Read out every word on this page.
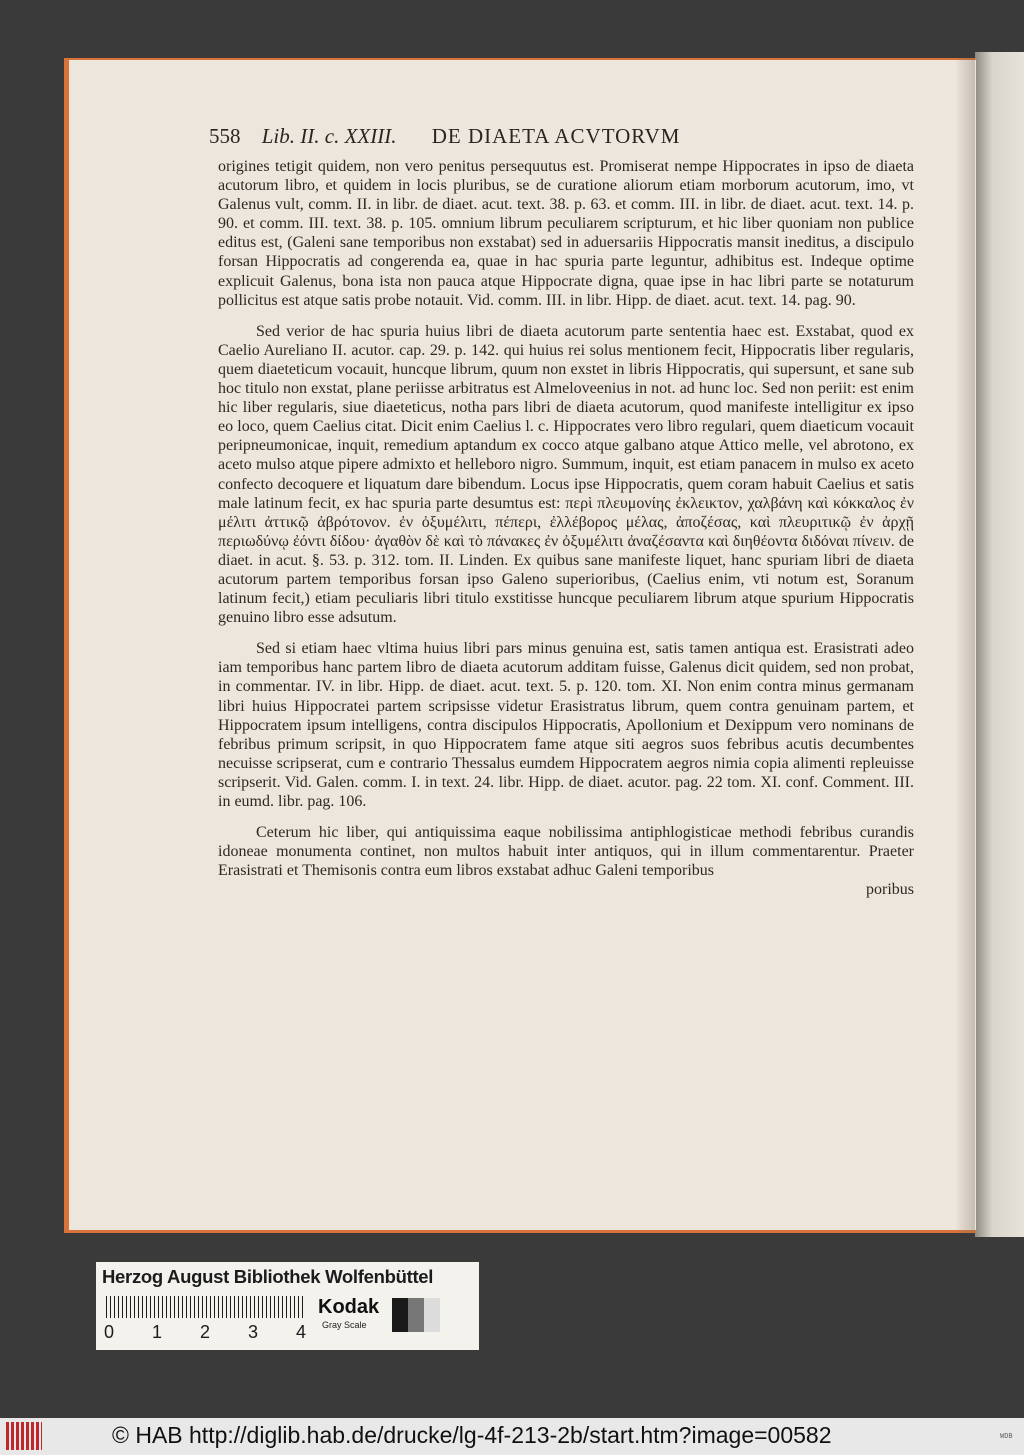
558 Lib. II. c. XXIII. DE DIAETA ACVTORVM

origines tetigit quidem, non vero penitus persequutus est. Promiserat nempe Hippocrates in ipso de diaeta acutorum libro, et quidem in locis pluribus, se de curatione aliorum etiam morborum acutorum, imo, vt Galenus vult, comm. II. in libr. de diaet. acut. text. 38. p. 63. et comm. III. in libr. de diaet. acut. text. 14. p. 90. et comm. III. text. 38. p. 105. omnium librum peculiarem scripturum, et hic liber quoniam non publice editus est, (Galeni sane temporibus non exstabat) sed in aduersariis Hippocratis mansit ineditus, a discipulo forsan Hippocratis ad congerenda ea, quae in hac spuria parte leguntur, adhibitus est. Indeque optime explicuit Galenus, bona ista non pauca atque Hippocrate digna, quae ipse in hac libri parte se notaturum pollicitus est atque satis probe notauit. Vid. comm. III. in libr. Hipp. de diaet. acut. text. 14. pag. 90.

Sed verior de hac spuria huius libri de diaeta acutorum parte sententia haec est. Exstabat, quod ex Caelio Aureliano II. acutor. cap. 29. p. 142. qui huius rei solus mentionem fecit, Hippocratis liber regularis, quem diaeteticum vocauit, huncque librum, quum non exstet in libris Hippocratis, qui supersunt, et sane sub hoc titulo non exstat, plane periisse arbitratus est Almeloveenius in not. ad hunc loc. Sed non periit: est enim hic liber regularis, siue diaeteticus, notha pars libri de diaeta acutorum, quod manifeste intelligitur ex ipso eo loco, quem Caelius citat. Dicit enim Caelius l. c. Hippocrates vero libro regulari, quem diaeticum vocauit peripneumonicae, inquit, remedium aptandum ex cocco atque galbano atque Attico melle, vel abrotono, ex aceto mulso atque pipere admixto et helleboro nigro. Summum, inquit, est etiam panacem in mulso ex aceto confecto decoquere et liquatum dare bibendum. Locus ipse Hippocratis, quem coram habuit Caelius et satis male latinum fecit, ex hac spuria parte desumtus est: περὶ πλευμονίης ἐκλεικτον, χαλβάνη καὶ κόκκαλος ἐν μέλιτι ἀττικῷ ἀβρότονον. ἐν ὀξυμέλιτι, πέπερι, ἐλλέβορος μέλας, ἀποζέσας, καὶ πλευριτικῷ ἐν ἀρχῇ περιωδύνῳ ἐόντι δίδου· ἀγαθὸν δὲ καὶ τὸ πάνακες ἐν ὀξυμέλιτι ἀναζέσαντα καὶ διηθέοντα διδόναι πίνειν. de diaet. in acut. §. 53. p. 312. tom. II. Linden. Ex quibus sane manifeste liquet, hanc spuriam libri de diaeta acutorum partem temporibus forsan ipso Galeno superioribus, (Caelius enim, vti notum est, Soranum latinum fecit,) etiam peculiaris libri titulo exstitisse huncque peculiarem librum atque spurium Hippocratis genuino libro esse adsutum.

Sed si etiam haec vltima huius libri pars minus genuina est, satis tamen antiqua est. Erasistrati adeo iam temporibus hanc partem libro de diaeta acutorum additam fuisse, Galenus dicit quidem, sed non probat, in commentar. IV. in libr. Hipp. de diaet. acut. text. 5. p. 120. tom. XI. Non enim contra minus germanam libri huius Hippocratei partem scripsisse videtur Erasistratus librum, quem contra genuinam partem, et Hippocratem ipsum intelligens, contra discipulos Hippocratis, Apollonium et Dexippum vero nominans de febribus primum scripsit, in quo Hippocratem fame atque siti aegros suos febribus acutis decumbentes necuisse scripserat, cum e contrario Thessalus eumdem Hippocratem aegros nimia copia alimenti repleuisse scripserit. Vid. Galen. comm. I. in text. 24. libr. Hipp. de diaet. acutor. pag. 22 tom. XI. conf. Comment. III. in eumd. libr. pag. 106.

Ceterum hic liber, qui antiquissima eaque nobilissima antiphlogisticae methodi febribus curandis idoneae monumenta continet, non multos habuit inter antiquos, qui in illum commentarentur. Praeter Erasistrati et Themisonis contra eum libros exstabat adhuc Galeni temporibus
poribus

Herzog August Bibliothek Wolfenbüttel
0 1 2 3 4
Kodak
Gray Scale
© HAB http://diglib.hab.de/drucke/lg-4f-213-2b/start.htm?image=00582	WDB
